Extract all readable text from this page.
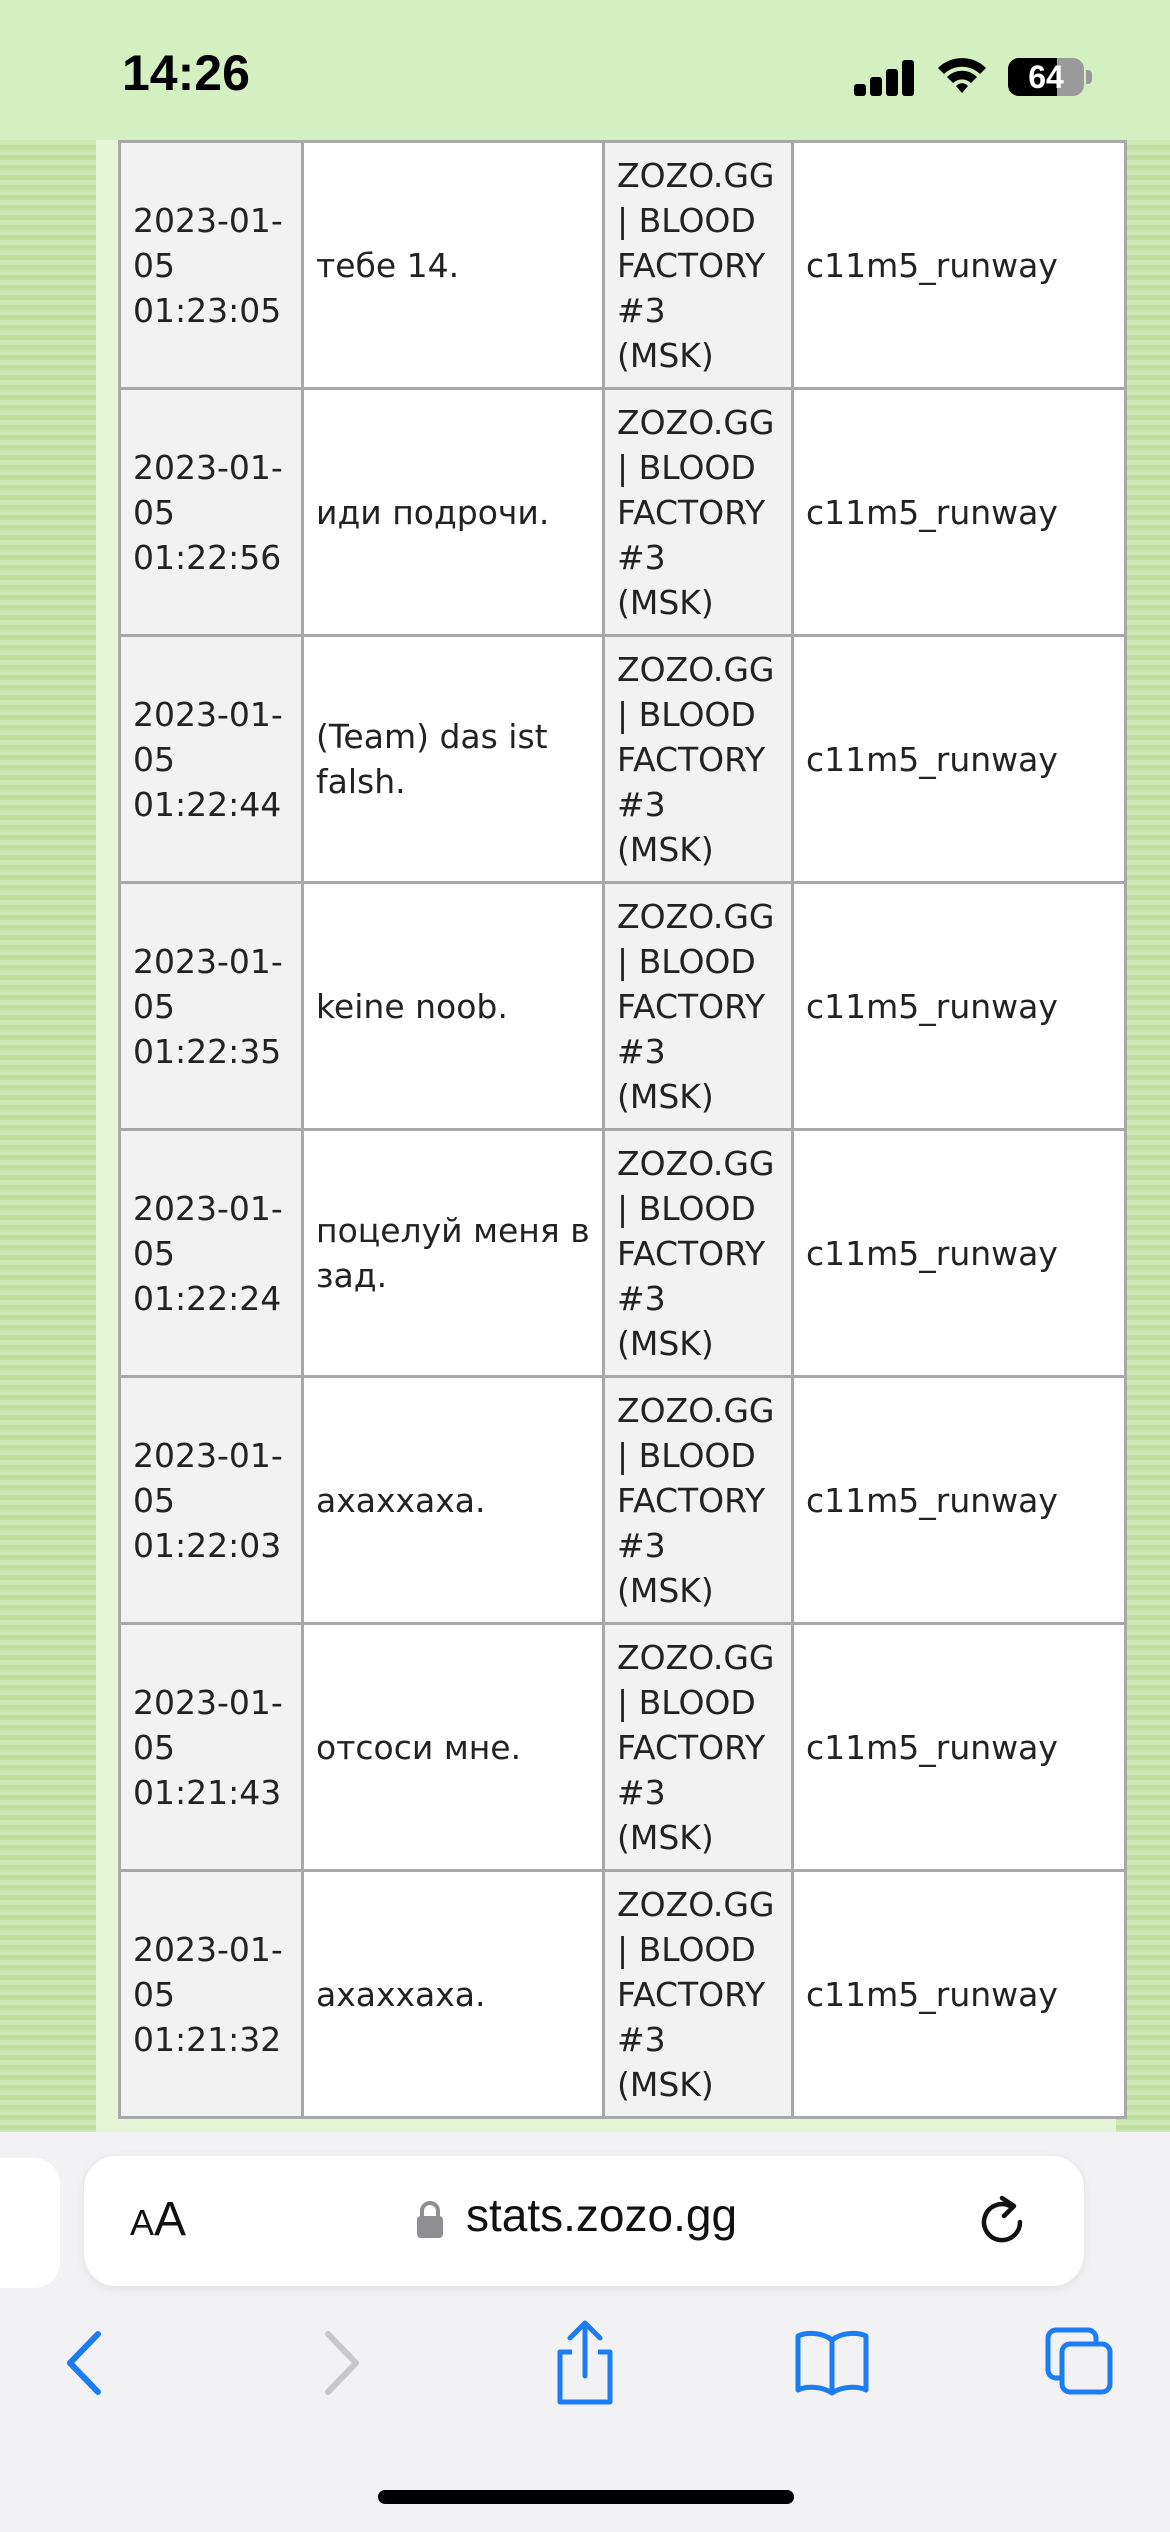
14:26	64
2023-01-
05
01:23:05	тебе 14.	ZOZO.GG
| BLOOD
FACTORY
#3
(MSK)	c11m5_runway
2023-01-
05
01:22:56	иди подрочи.	ZOZO.GG
| BLOOD
FACTORY
#3
(MSK)	c11m5_runway
2023-01-
05
01:22:44	(Team) das ist
falsh.	ZOZO.GG
| BLOOD
FACTORY
#3
(MSK)	c11m5_runway
2023-01-
05
01:22:35	keine noob.	ZOZO.GG
| BLOOD
FACTORY
#3
(MSK)	c11m5_runway
2023-01-
05
01:22:24	поцелуй меня в
зад.	ZOZO.GG
| BLOOD
FACTORY
#3
(MSK)	c11m5_runway
2023-01-
05
01:22:03	ахаххаха.	ZOZO.GG
| BLOOD
FACTORY
#3
(MSK)	c11m5_runway
2023-01-
05
01:21:43	отсоси мне.	ZOZO.GG
| BLOOD
FACTORY
#3
(MSK)	c11m5_runway
2023-01-
05
01:21:32	ахаххаха.	ZOZO.GG
| BLOOD
FACTORY
#3
(MSK)	c11m5_runway
AA	stats.zozo.gg
